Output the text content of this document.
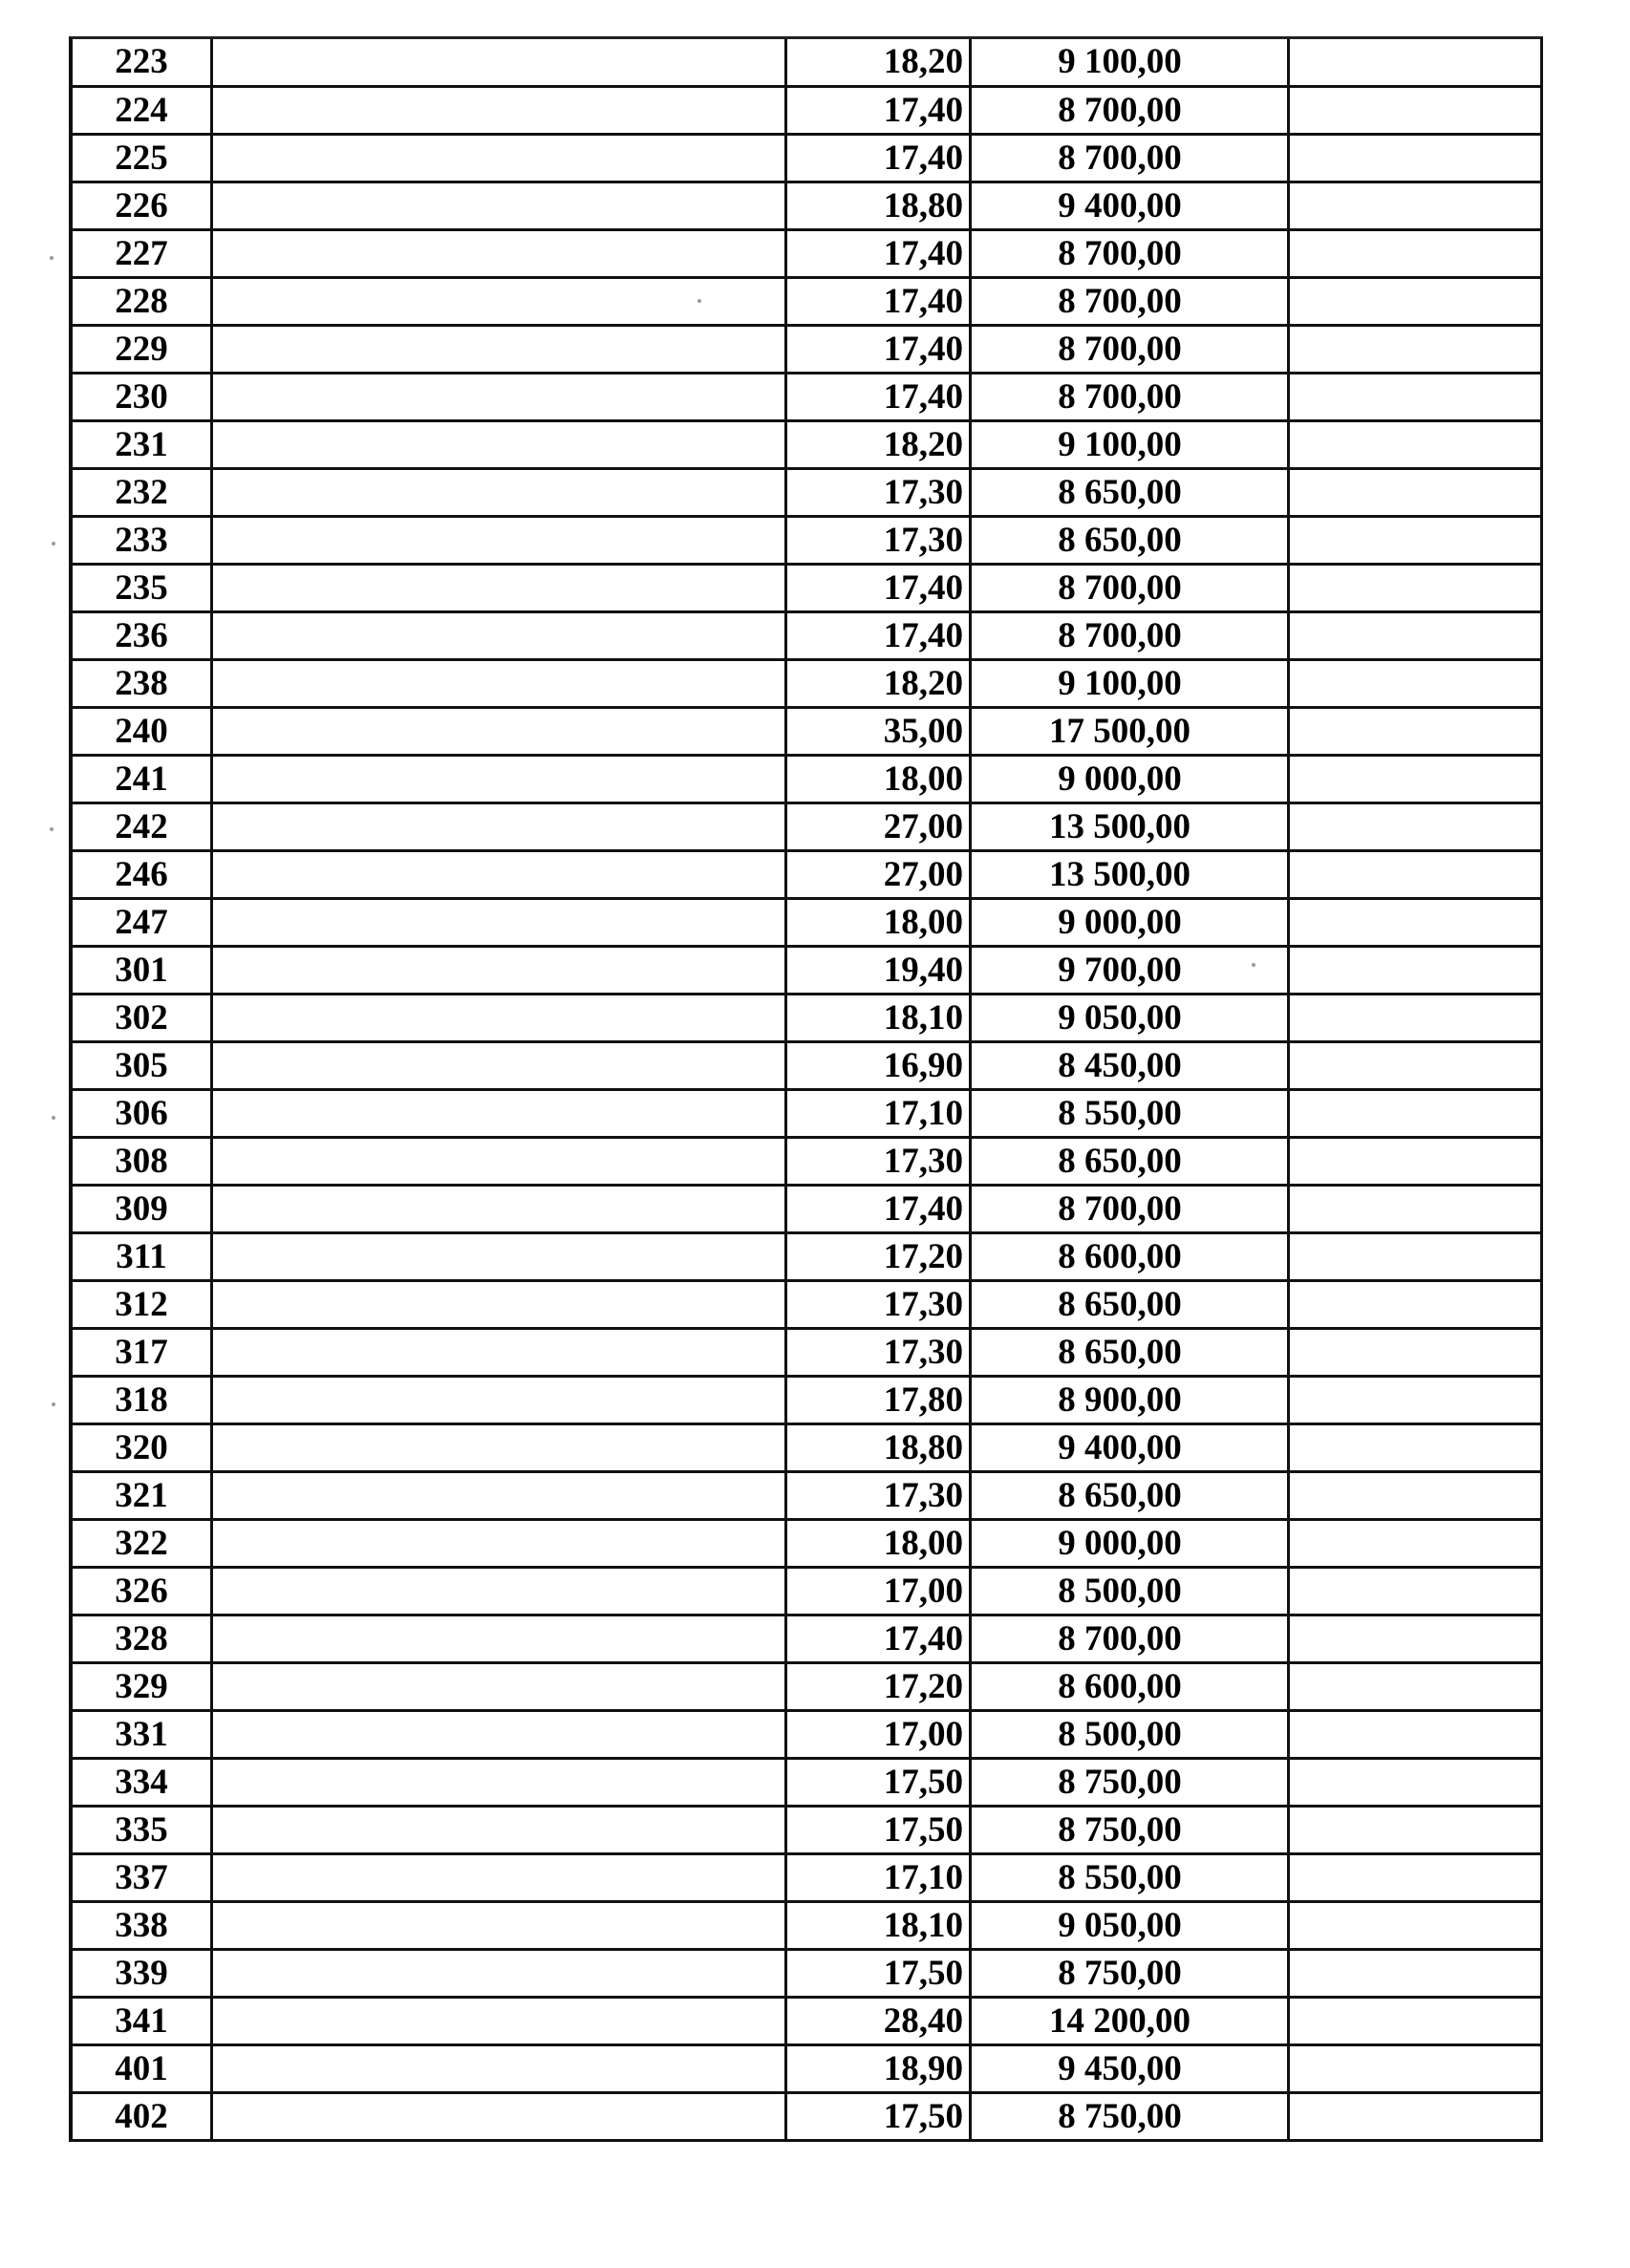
223	18,20	9 100,00
224	17,40	8 700,00
225	17,40	8 700,00
226	18,80	9 400,00
227	17,40	8 700,00
228	17,40	8 700,00
229	17,40	8 700,00
230	17,40	8 700,00
231	18,20	9 100,00
232	17,30	8 650,00
233	17,30	8 650,00
235	17,40	8 700,00
236	17,40	8 700,00
238	18,20	9 100,00
240	35,00	17 500,00
241	18,00	9 000,00
242	27,00	13 500,00
246	27,00	13 500,00
247	18,00	9 000,00
301	19,40	9 700,00
302	18,10	9 050,00
305	16,90	8 450,00
306	17,10	8 550,00
308	17,30	8 650,00
309	17,40	8 700,00
311	17,20	8 600,00
312	17,30	8 650,00
317	17,30	8 650,00
318	17,80	8 900,00
320	18,80	9 400,00
321	17,30	8 650,00
322	18,00	9 000,00
326	17,00	8 500,00
328	17,40	8 700,00
329	17,20	8 600,00
331	17,00	8 500,00
334	17,50	8 750,00
335	17,50	8 750,00
337	17,10	8 550,00
338	18,10	9 050,00
339	17,50	8 750,00
341	28,40	14 200,00
401	18,90	9 450,00
402	17,50	8 750,00
